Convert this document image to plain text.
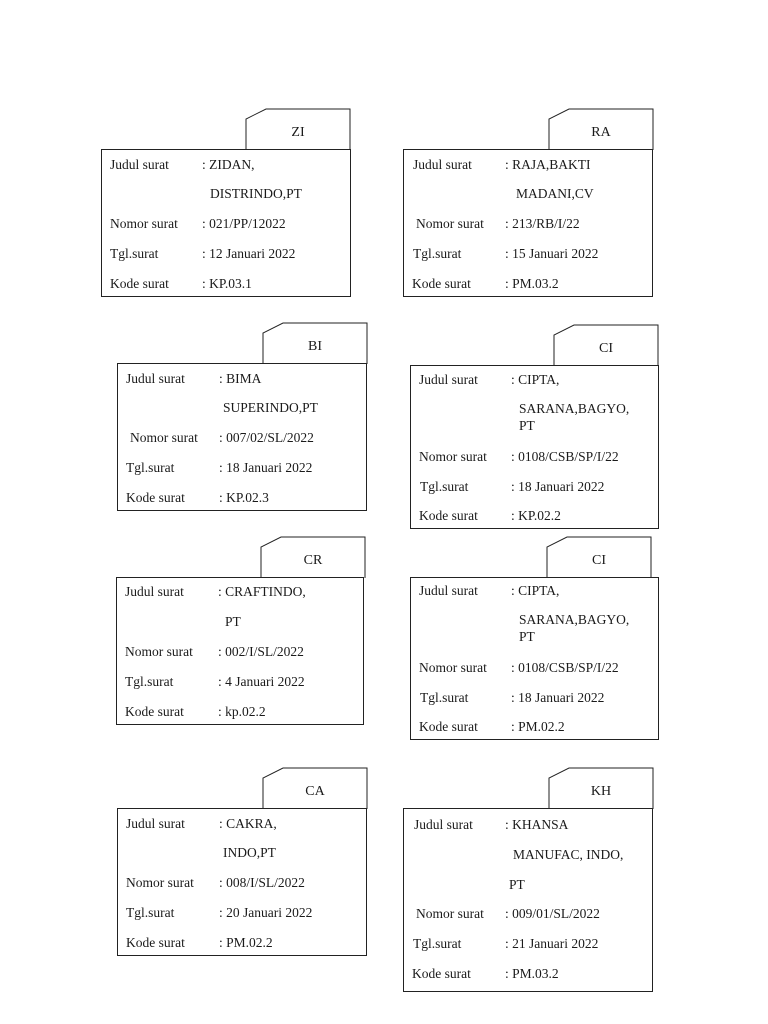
ZI
Judul surat : ZIDAN,
DISTRINDO,PT
Nomor surat : 021/PP/12022
Tgl.surat	: 12 Januari 2022
Kode surat : KP.03.1
RA
Judul surat : RAJA,BAKTI
MADANI,CV
Nomor surat : 213/RB/I/22
Tgl.surat	: 15 Januari 2022
Kode surat	: PM.03.2
BI
Judul surat	: BIMA
SUPERINDO,PT
Nomor surat : 007/02/SL/2022
Tgl.surat	: 18 Januari 2022
Kode surat	: KP.02.3
CI
Judul surat : CIPTA,
SARANA,BAGYO,
PT
Nomor surat : 0108/CSB/SP/I/22
Tgl.surat	: 18 Januari 2022
Kode surat : KP.02.2
CR
Judul surat	: CRAFTINDO,
PT
Nomor surat : 002/I/SL/2022
Tgl.surat	: 4 Januari 2022
Kode surat	: kp.02.2
CI
Judul surat : CIPTA,
SARANA,BAGYO,
PT
Nomor surat : 0108/CSB/SP/I/22
Tgl.surat	: 18 Januari 2022
Kode surat : PM.02.2
CA
Judul surat	: CAKRA,
INDO,PT
Nomor surat : 008/I/SL/2022
Tgl.surat	: 20 Januari 2022
Kode surat	: PM.02.2
KH
Judul surat : KHANSA
MANUFAC, INDO,
PT
Nomor surat : 009/01/SL/2022
Tgl.surat	: 21 Januari 2022
Kode surat	: PM.03.2
